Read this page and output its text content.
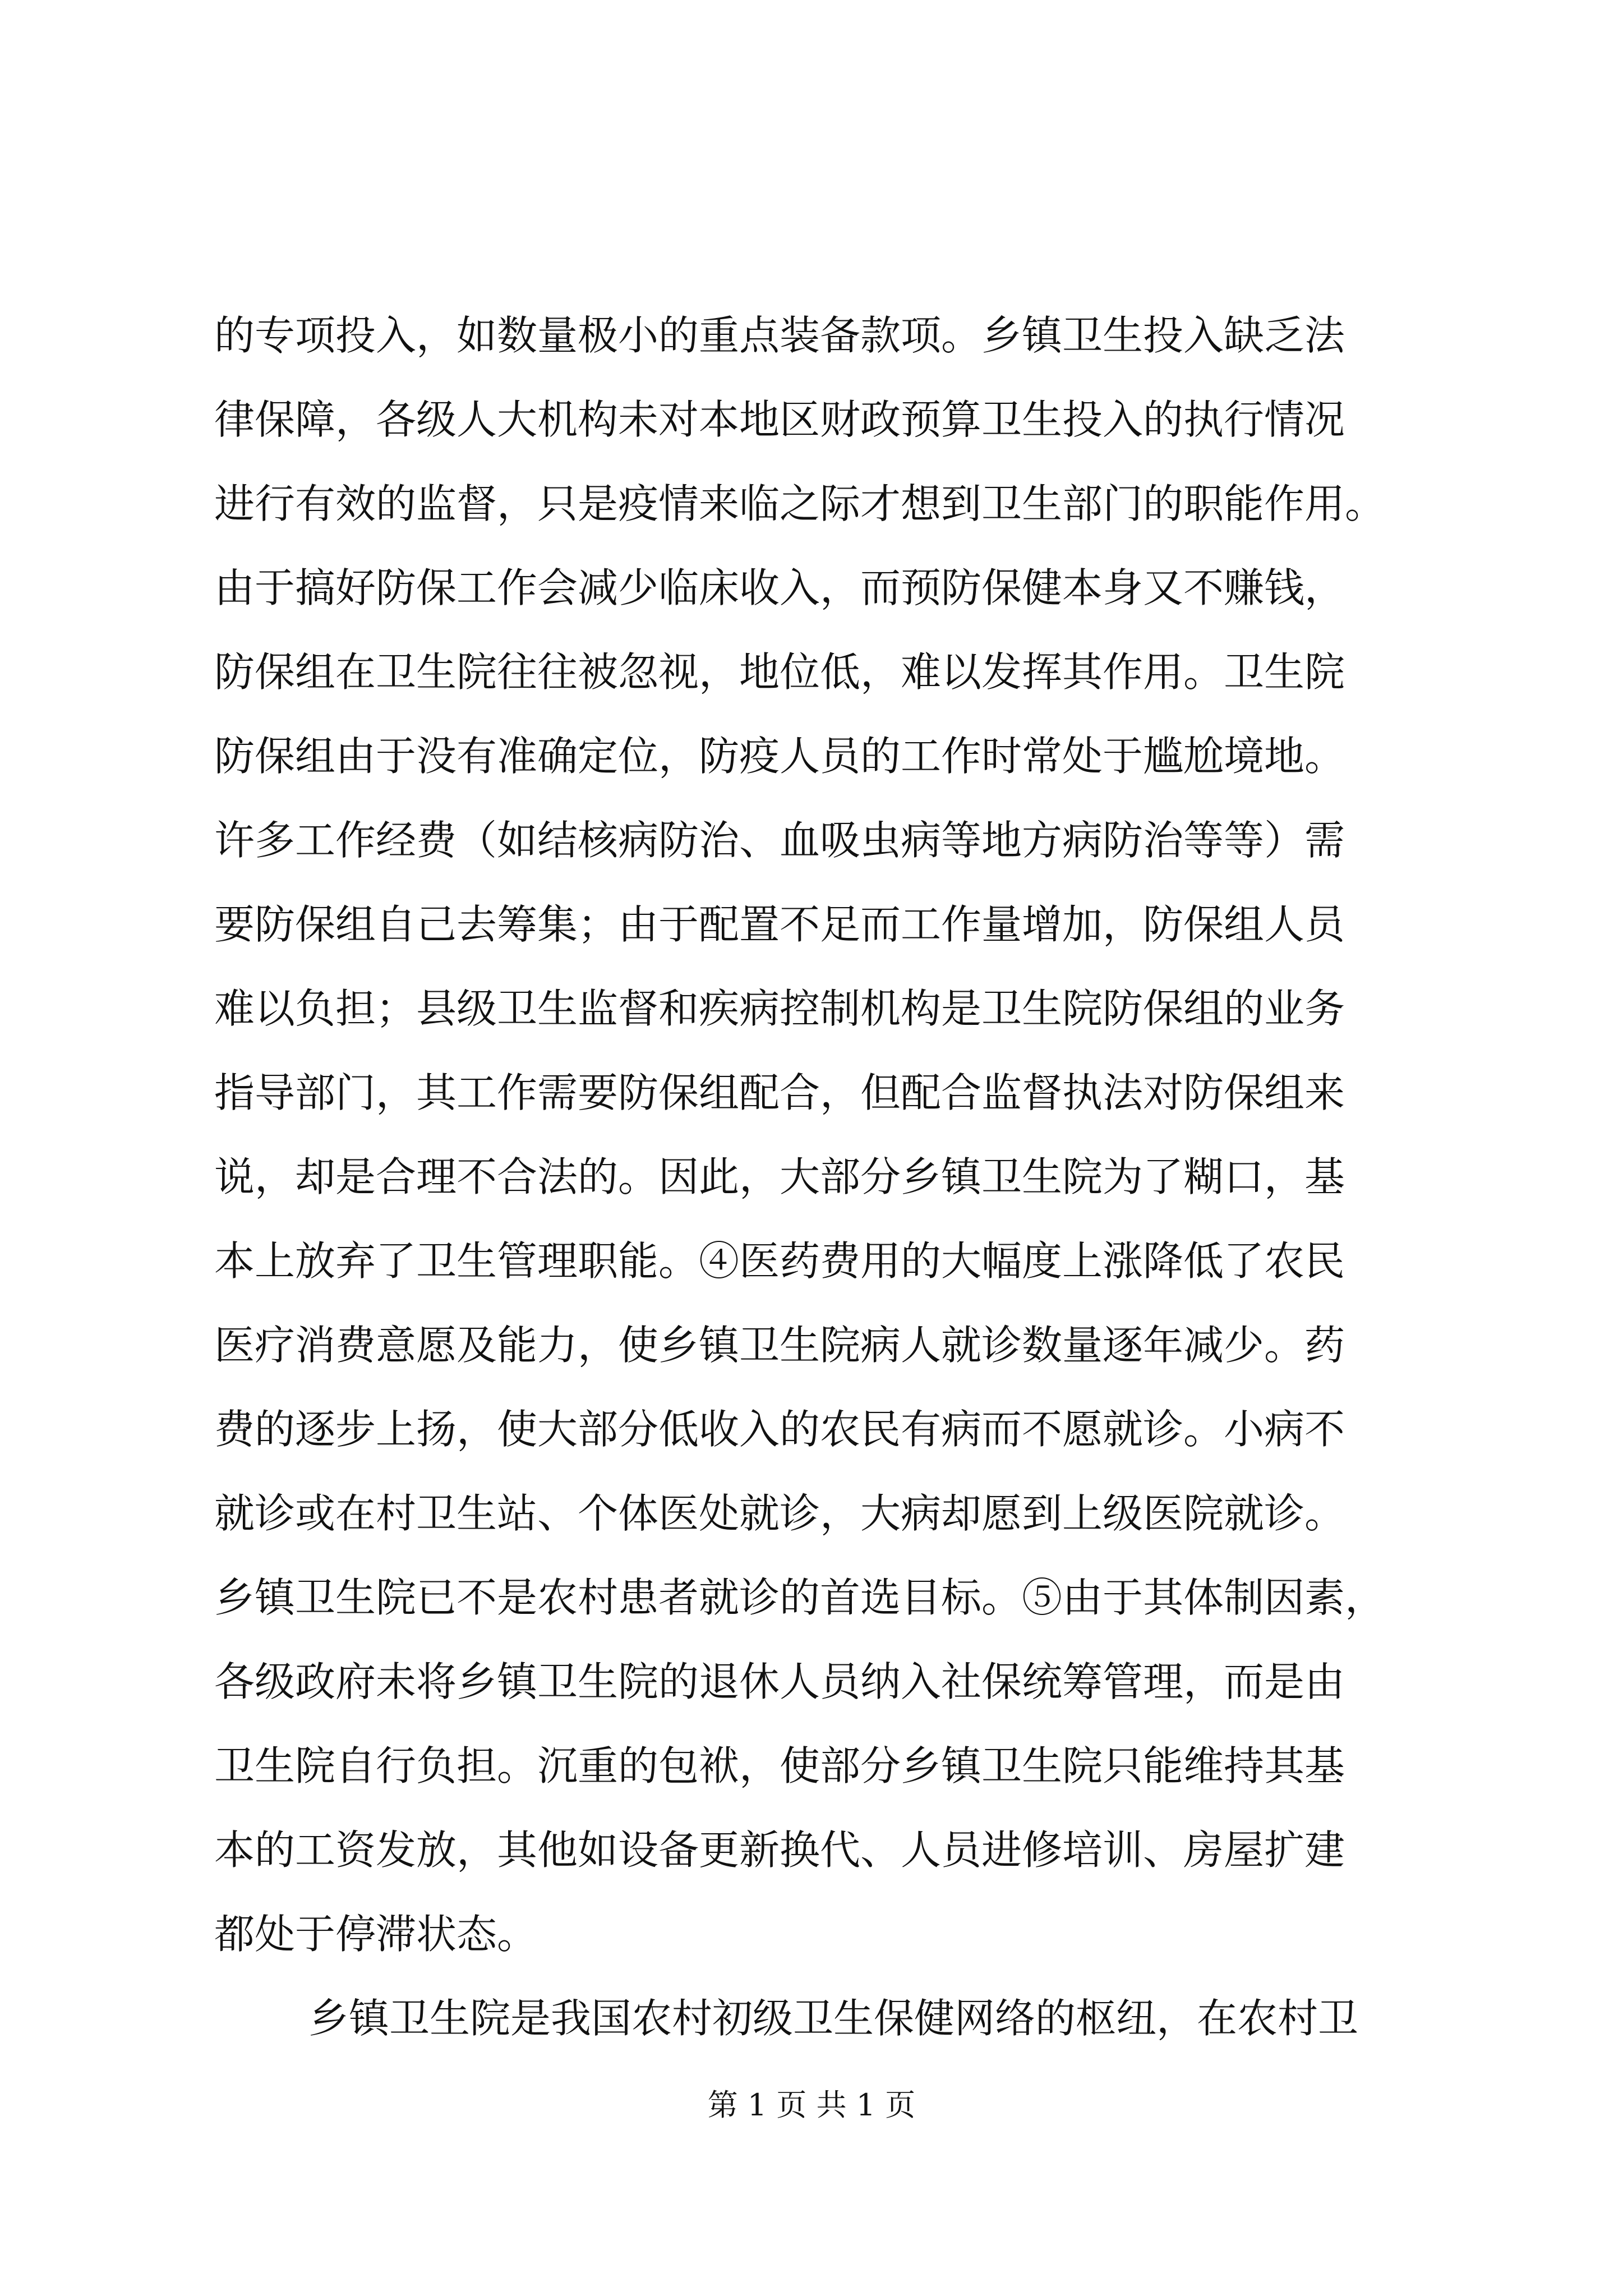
的专项投入，如数量极小的重点装备款项。乡镇卫生投入缺乏法
律保障，各级人大机构未对本地区财政预算卫生投入的执行情况
进行有效的监督，只是疫情来临之际才想到卫生部门的职能作用。
由于搞好防保工作会减少临床收入，而预防保健本身又不赚钱，
防保组在卫生院往往被忽视，地位低，难以发挥其作用。卫生院
防保组由于没有准确定位，防疫人员的工作时常处于尴尬境地。
许多工作经费（如结核病防治、血吸虫病等地方病防治等等）需
要防保组自己去筹集；由于配置不足而工作量增加，防保组人员
难以负担；县级卫生监督和疾病控制机构是卫生院防保组的业务
指导部门，其工作需要防保组配合，但配合监督执法对防保组来
说，却是合理不合法的。因此，大部分乡镇卫生院为了糊口，基
本上放弃了卫生管理职能。④医药费用的大幅度上涨降低了农民
医疗消费意愿及能力，使乡镇卫生院病人就诊数量逐年减少。药
费的逐步上扬，使大部分低收入的农民有病而不愿就诊。小病不
就诊或在村卫生站、个体医处就诊，大病却愿到上级医院就诊。
乡镇卫生院已不是农村患者就诊的首选目标。⑤由于其体制因素，
各级政府未将乡镇卫生院的退休人员纳入社保统筹管理，而是由
卫生院自行负担。沉重的包袱，使部分乡镇卫生院只能维持其基
本的工资发放，其他如设备更新换代、人员进修培训、房屋扩建
都处于停滞状态。
乡镇卫生院是我国农村初级卫生保健网络的枢纽，在农村卫
第 1 页 共 1 页
